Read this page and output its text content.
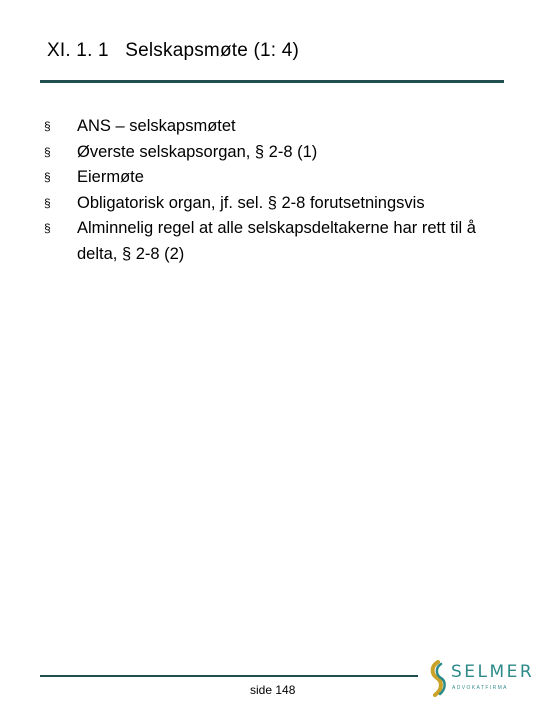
XI. 1. 1   Selskapsmøte (1: 4)
§ ANS – selskapsmøtet
§ Øverste selskapsorgan, § 2-8 (1)
§ Eiermøte
§ Obligatorisk organ, jf. sel. § 2-8 forutsetningsvis
§ Alminnelig regel at alle selskapsdeltakerne har rett til å delta, § 2-8 (2)
side 148
SELMER
ADVOKATFIRMA
